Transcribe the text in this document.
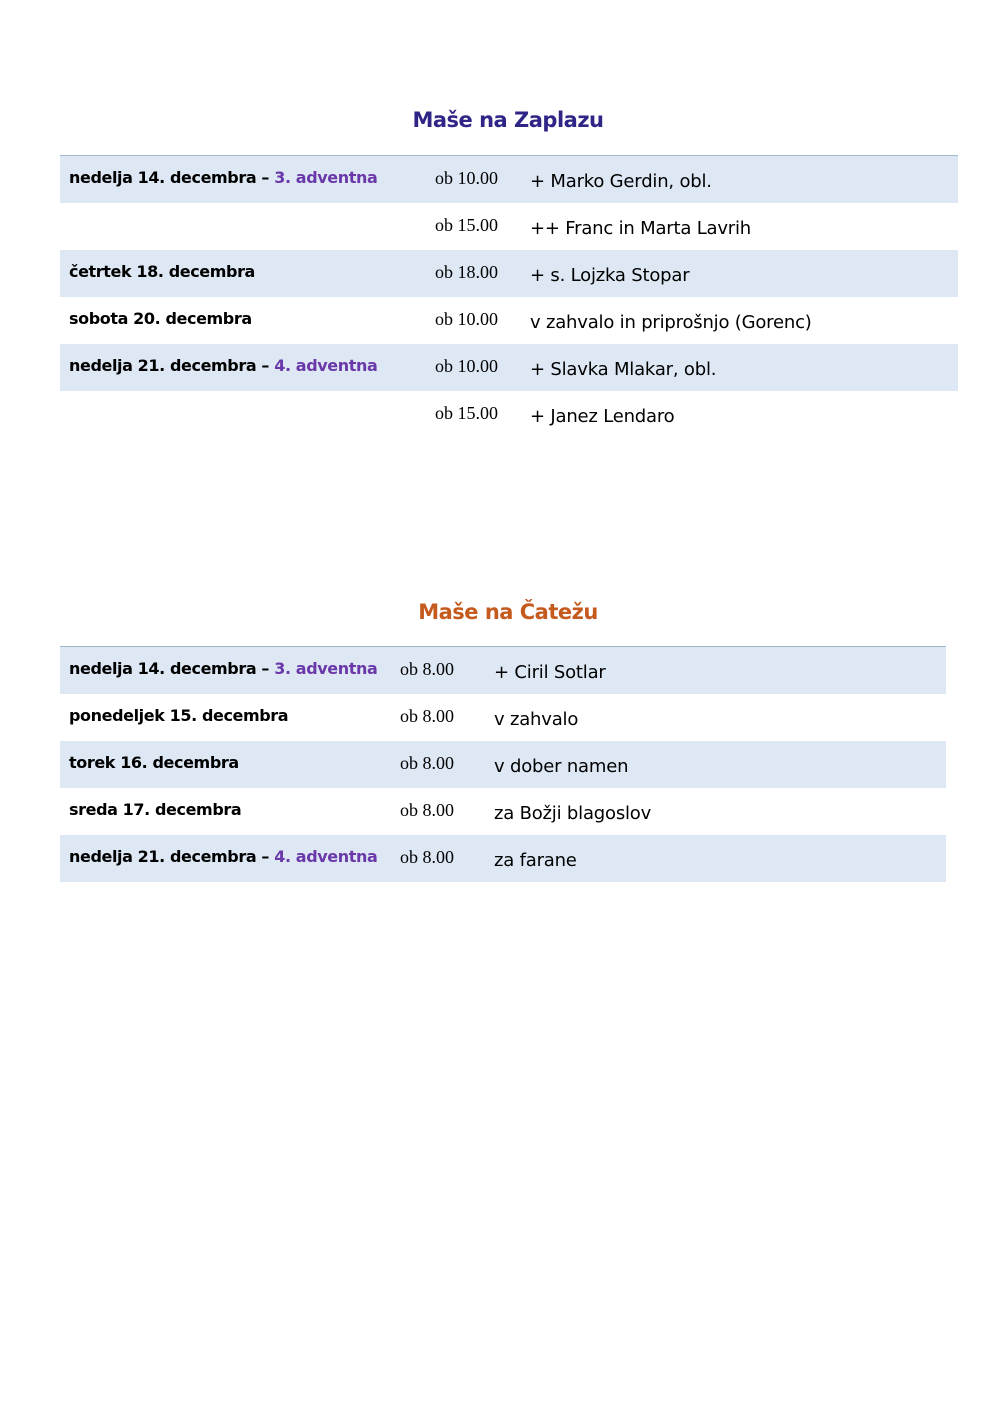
Maše na Zaplazu
nedelja 14. decembra – 3. adventna	ob 10.00 + Marko Gerdin, obl.
ob 15.00 ++ Franc in Marta Lavrih
četrtek 18. decembra	ob 18.00 + s. Lojzka Stopar
sobota 20. decembra	ob 10.00 v zahvalo in priprošnjo (Gorenc)
nedelja 21. decembra – 4. adventna	ob 10.00 + Slavka Mlakar, obl.
ob 15.00 + Janez Lendaro
Maše na Čatežu
nedelja 14. decembra – 3. adventna ob 8.00 + Ciril Sotlar
ponedeljek 15. decembra	ob 8.00 v zahvalo
torek 16. decembra	ob 8.00 v dober namen
sreda 17. decembra	ob 8.00 za Božji blagoslov
nedelja 21. decembra – 4. adventna ob 8.00 za farane
